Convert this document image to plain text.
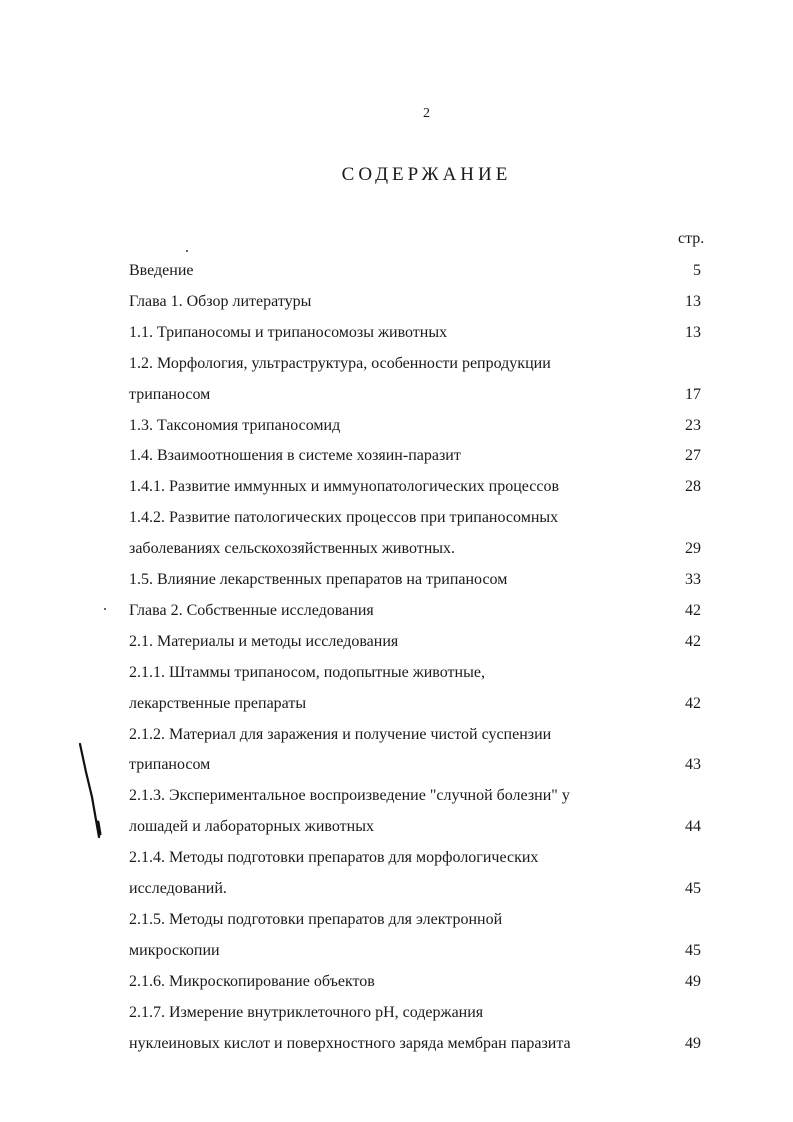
2
СОДЕРЖАНИЕ
стр.
Введение	5
Глава 1. Обзор литературы	13
1.1. Трипаносомы и трипаносомозы животных	13
1.2. Морфология, ультраструктура, особенности репродукции
трипаносом	17
1.3. Таксономия трипаносомид	23
1.4. Взаимоотношения в системе хозяин-паразит	27
1.4.1. Развитие иммунных и иммунопатологических процессов	28
1.4.2. Развитие патологических процессов при трипаносомных
заболеваниях сельскохозяйственных животных.	29
1.5. Влияние лекарственных препаратов на трипаносом	33
Глава 2. Собственные исследования	42
2.1. Материалы и методы исследования	42
2.1.1. Штаммы трипаносом, подопытные животные,
лекарственные препараты	42
2.1.2. Материал для заражения и получение чистой суспензии
трипаносом	43
2.1.3. Экспериментальное воспроизведение "случной болезни" у
лошадей и лабораторных животных	44
2.1.4. Методы подготовки препаратов для морфологических
исследований.	45
2.1.5. Методы подготовки препаратов для электронной
микроскопии	45
2.1.6. Микроскопирование объектов	49
2.1.7. Измерение внутриклеточного pH, содержания
нуклеиновых кислот и поверхностного заряда мембран паразита	49
